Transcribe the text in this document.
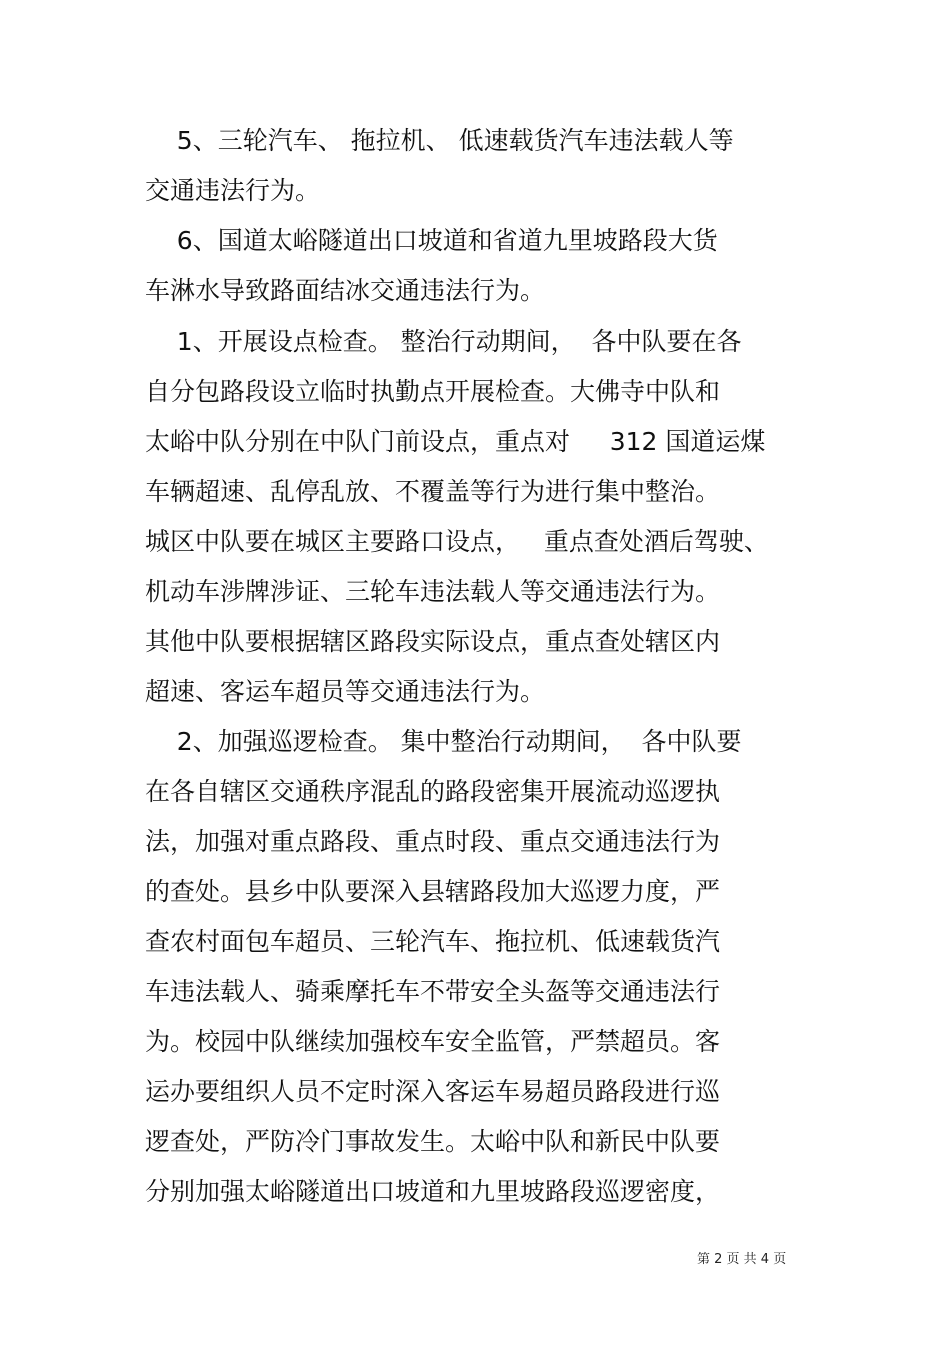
5、三轮汽车、 拖拉机、 低速载货汽车违法载人等
交通违法行为。
6、国道太峪隧道出口坡道和省道九里坡路段大货
车淋水导致路面结冰交通违法行为。
1、开展设点检查。 整治行动期间，  各中队要在各
自分包路段设立临时执勤点开展检查。大佛寺中队和
太峪中队分别在中队门前设点，重点对     312 国道运煤
车辆超速、乱停乱放、不覆盖等行为进行集中整治。
城区中队要在城区主要路口设点，   重点查处酒后驾驶、
机动车涉牌涉证、三轮车违法载人等交通违法行为。
其他中队要根据辖区路段实际设点，重点查处辖区内
超速、客运车超员等交通违法行为。
2、加强巡逻检查。 集中整治行动期间，  各中队要
在各自辖区交通秩序混乱的路段密集开展流动巡逻执
法，加强对重点路段、重点时段、重点交通违法行为
的查处。县乡中队要深入县辖路段加大巡逻力度，严
查农村面包车超员、三轮汽车、拖拉机、低速载货汽
车违法载人、骑乘摩托车不带安全头盔等交通违法行
为。校园中队继续加强校车安全监管，严禁超员。客
运办要组织人员不定时深入客运车易超员路段进行巡
逻查处，严防冷门事故发生。太峪中队和新民中队要
分别加强太峪隧道出口坡道和九里坡路段巡逻密度，
第 2 页 共 4 页
